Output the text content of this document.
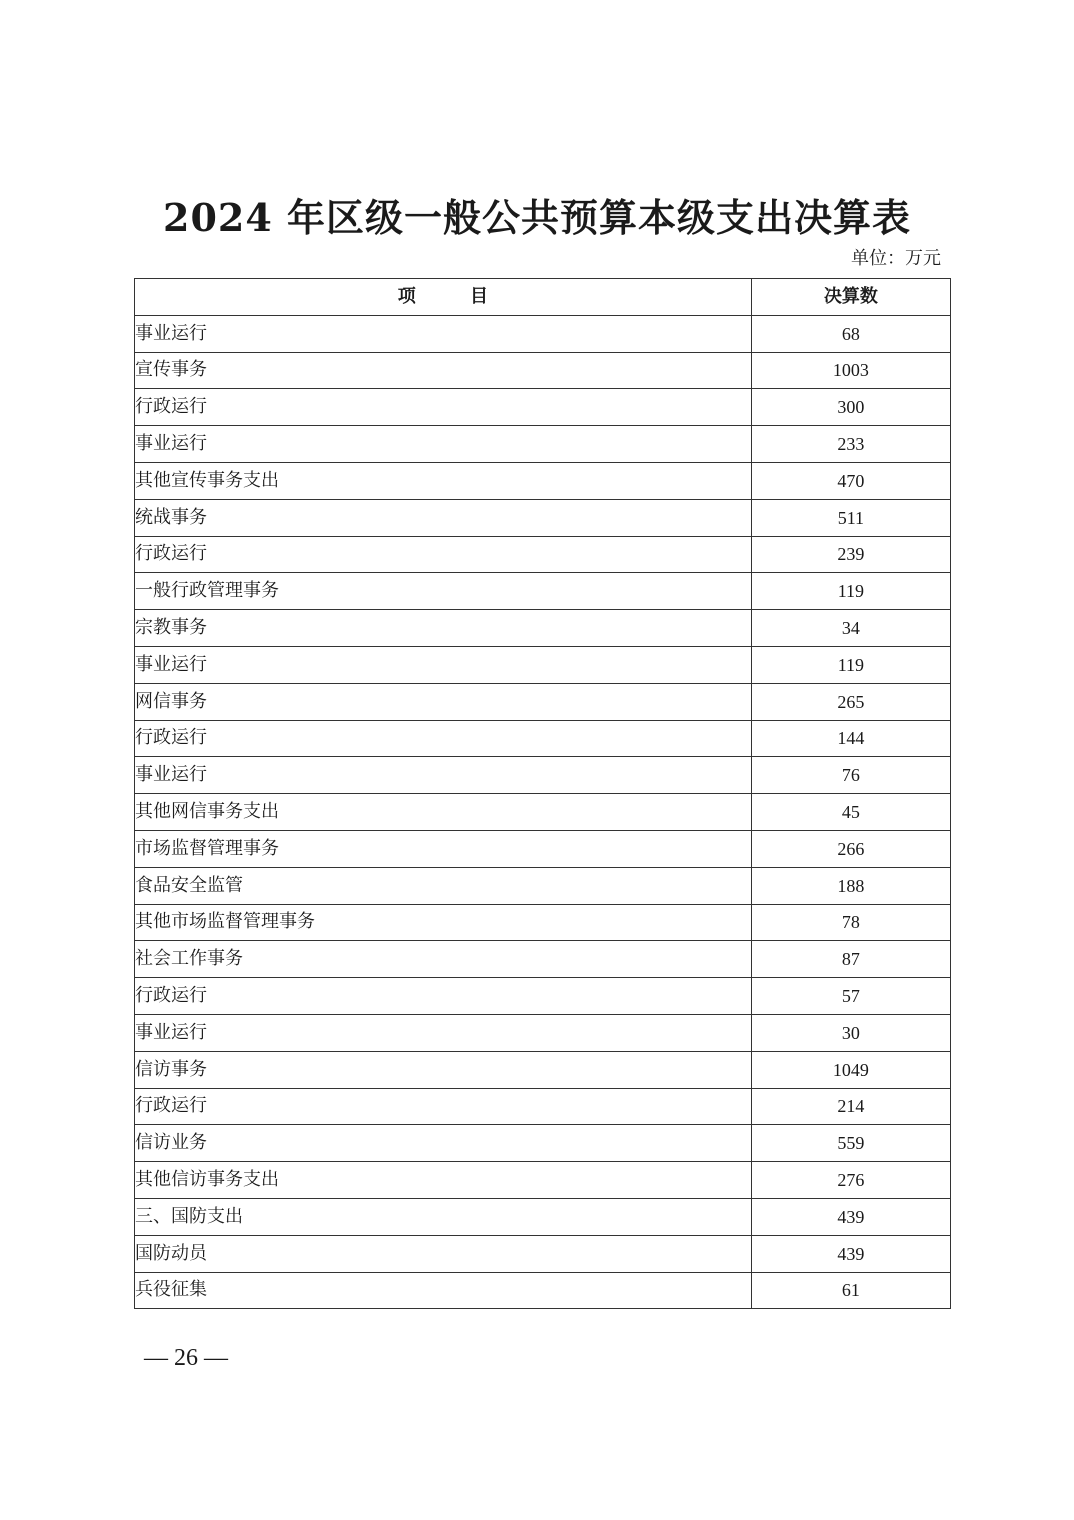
2024 年区级一般公共预算本级支出决算表
单位：万元
项 目	决算数
事业运行	68
宣传事务	1003
行政运行	300
事业运行	233
其他宣传事务支出	470
统战事务	511
行政运行	239
一般行政管理事务	119
宗教事务	34
事业运行	119
网信事务	265
行政运行	144
事业运行	76
其他网信事务支出	45
市场监督管理事务	266
食品安全监管	188
其他市场监督管理事务	78
社会工作事务	87
行政运行	57
事业运行	30
信访事务	1049
行政运行	214
信访业务	559
其他信访事务支出	276
三、国防支出	439
国防动员	439
兵役征集	61
— 26 —
